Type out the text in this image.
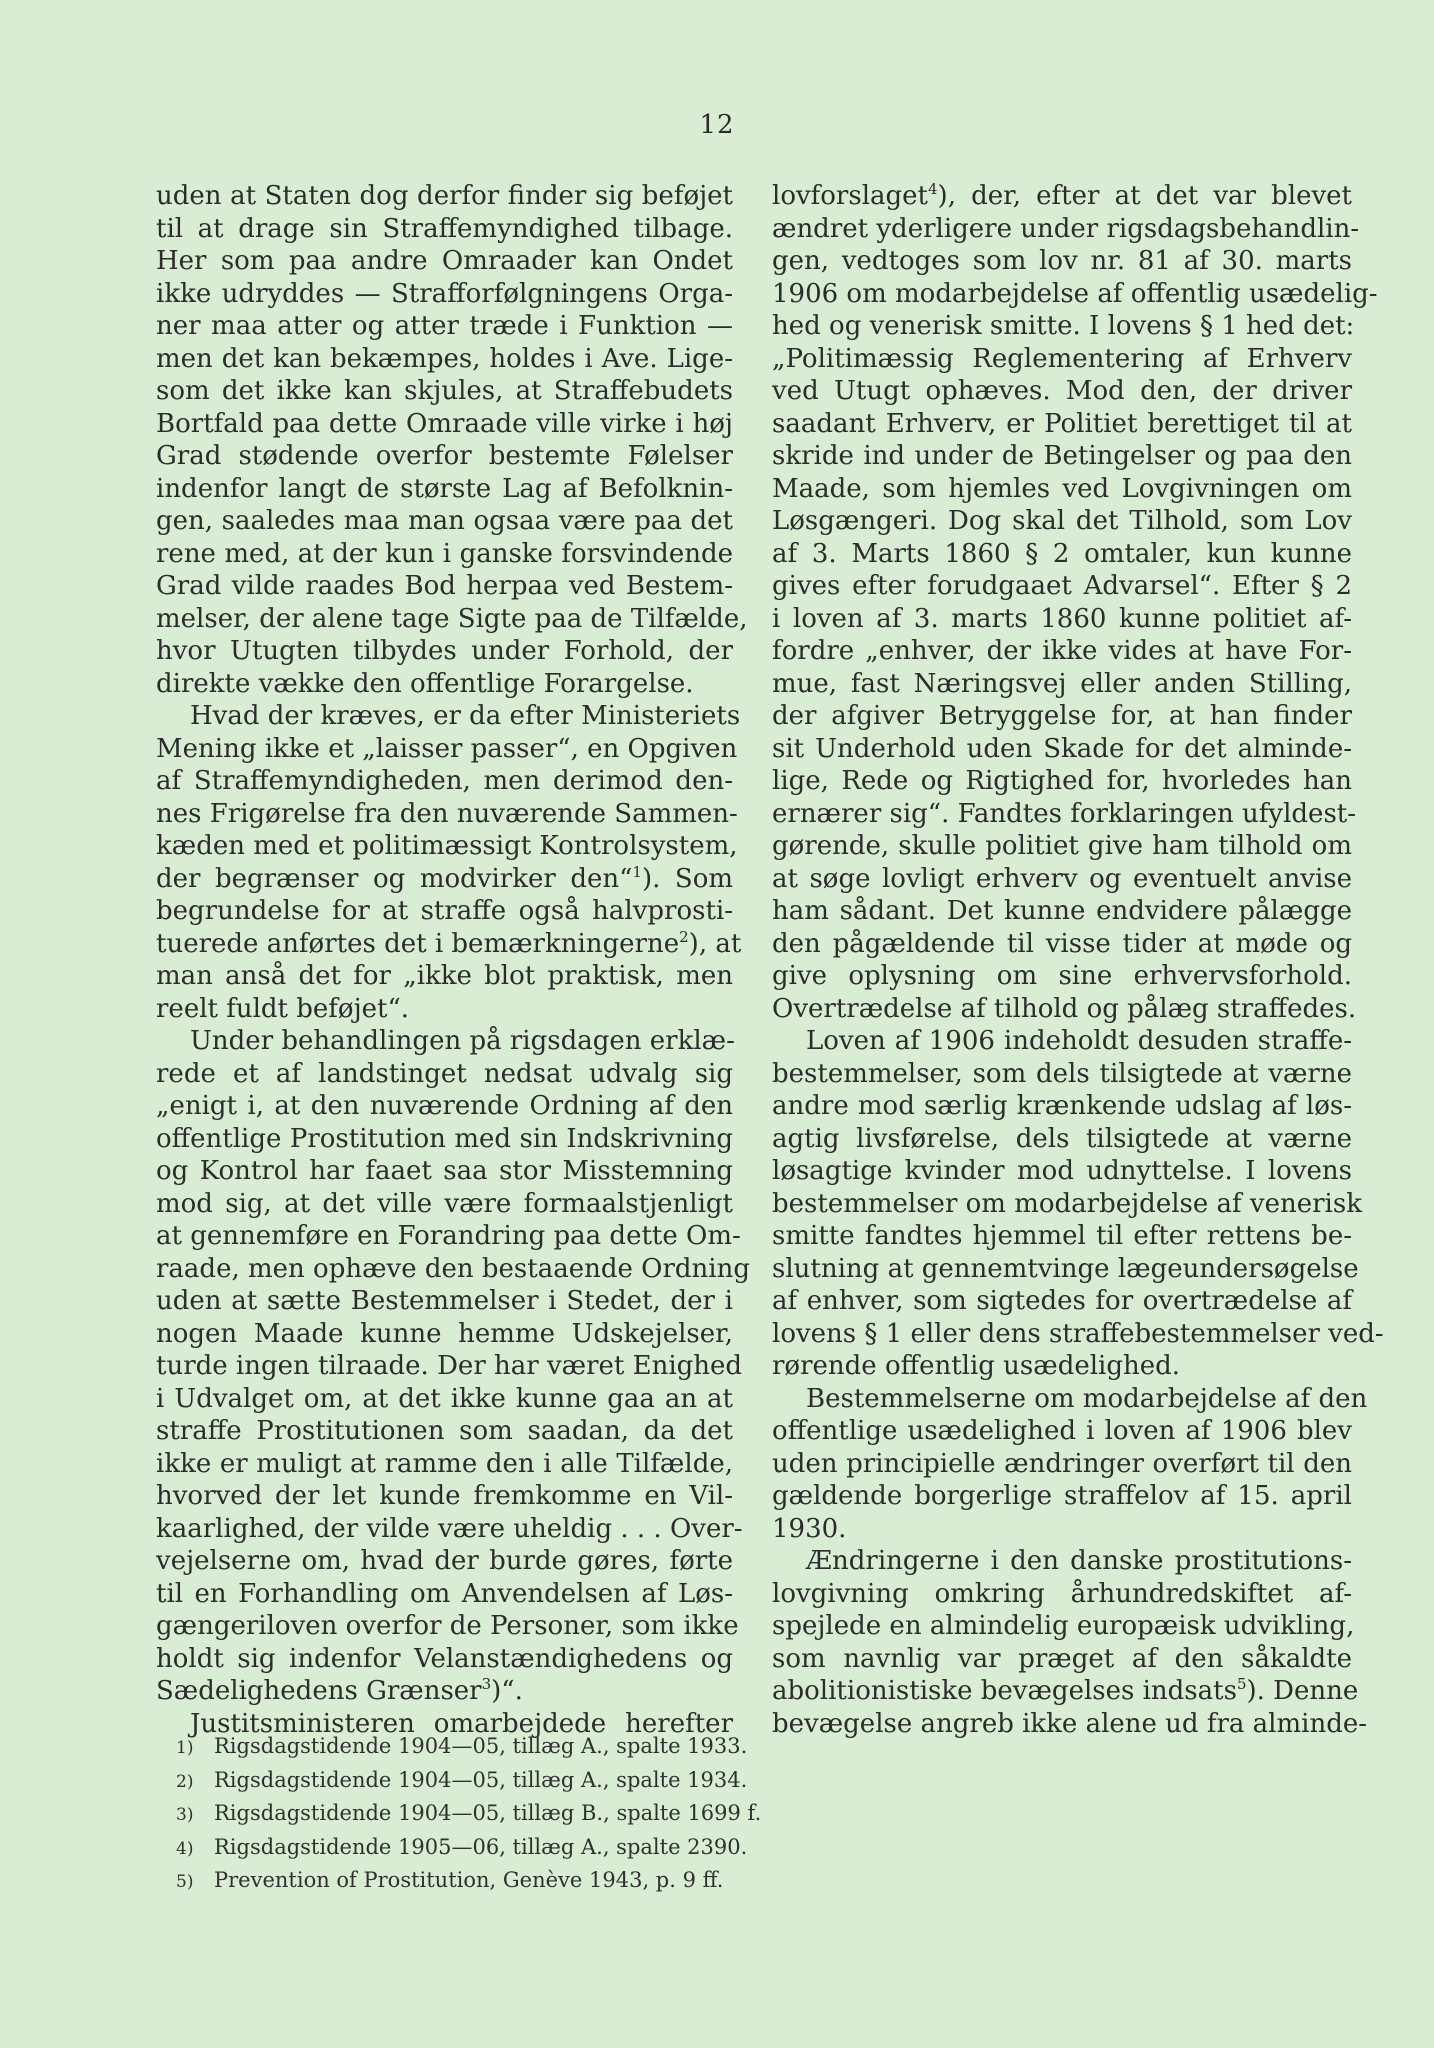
12
uden at Staten dog derfor finder sig beføjet
til at drage sin Straffemyndighed tilbage.
Her som paa andre Omraader kan Ondet
ikke udryddes — Strafforfølgningens Orga-
ner maa atter og atter træde i Funktion —
men det kan bekæmpes, holdes i Ave. Lige-
som det ikke kan skjules, at Straffebudets
Bortfald paa dette Omraade ville virke i høj
Grad stødende overfor bestemte Følelser
indenfor langt de største Lag af Befolknin-
gen, saaledes maa man ogsaa være paa det
rene med, at der kun i ganske forsvindende
Grad vilde raades Bod herpaa ved Bestem-
melser, der alene tage Sigte paa de Tilfælde,
hvor Utugten tilbydes under Forhold, der
direkte vække den offentlige Forargelse.
Hvad der kræves, er da efter Ministeriets
Mening ikke et „laisser passer“, en Opgiven
af Straffemyndigheden, men derimod den-
nes Frigørelse fra den nuværende Sammen-
kæden med et politimæssigt Kontrolsystem,
der begrænser og modvirker den“$^1$). Som
begrundelse for at straffe også halvprosti-
tuerede anførtes det i bemærkningerne$^2$), at
man anså det for „ikke blot praktisk, men
reelt fuldt beføjet“.
Under behandlingen på rigsdagen erklæ-
rede et af landstinget nedsat udvalg sig
„enigt i, at den nuværende Ordning af den
offentlige Prostitution med sin Indskrivning
og Kontrol har faaet saa stor Misstemning
mod sig, at det ville være formaalstjenligt
at gennemføre en Forandring paa dette Om-
raade, men ophæve den bestaaende Ordning
uden at sætte Bestemmelser i Stedet, der i
nogen Maade kunne hemme Udskejelser,
turde ingen tilraade. Der har været Enighed
i Udvalget om, at det ikke kunne gaa an at
straffe Prostitutionen som saadan, da det
ikke er muligt at ramme den i alle Tilfælde,
hvorved der let kunde fremkomme en Vil-
kaarlighed, der vilde være uheldig . . . Over-
vejelserne om, hvad der burde gøres, førte
til en Forhandling om Anvendelsen af Løs-
gængeriloven overfor de Personer, som ikke
holdt sig indenfor Velanstændighedens og
Sædelighedens Grænser$^3$)“.
Justitsministeren omarbejdede herefter
lovforslaget$^4$), der, efter at det var blevet
ændret yderligere under rigsdagsbehandlin-
gen, vedtoges som lov nr. 81 af 30. marts
1906 om modarbejdelse af offentlig usædelig-
hed og venerisk smitte. I lovens § 1 hed det:
„Politimæssig Reglementering af Erhverv
ved Utugt ophæves. Mod den, der driver
saadant Erhverv, er Politiet berettiget til at
skride ind under de Betingelser og paa den
Maade, som hjemles ved Lovgivningen om
Løsgængeri. Dog skal det Tilhold, som Lov
af 3. Marts 1860 § 2 omtaler, kun kunne
gives efter forudgaaet Advarsel“. Efter § 2
i loven af 3. marts 1860 kunne politiet af-
fordre „enhver, der ikke vides at have For-
mue, fast Næringsvej eller anden Stilling,
der afgiver Betryggelse for, at han finder
sit Underhold uden Skade for det alminde-
lige, Rede og Rigtighed for, hvorledes han
ernærer sig“. Fandtes forklaringen ufyldest-
gørende, skulle politiet give ham tilhold om
at søge lovligt erhverv og eventuelt anvise
ham sådant. Det kunne endvidere pålægge
den pågældende til visse tider at møde og
give oplysning om sine erhvervsforhold.
Overtrædelse af tilhold og pålæg straffedes.
Loven af 1906 indeholdt desuden straffe-
bestemmelser, som dels tilsigtede at værne
andre mod særlig krænkende udslag af løs-
agtig livsførelse, dels tilsigtede at værne
løsagtige kvinder mod udnyttelse. I lovens
bestemmelser om modarbejdelse af venerisk
smitte fandtes hjemmel til efter rettens be-
slutning at gennemtvinge lægeundersøgelse
af enhver, som sigtedes for overtrædelse af
lovens § 1 eller dens straffebestemmelser ved-
rørende offentlig usædelighed.
Bestemmelserne om modarbejdelse af den
offentlige usædelighed i loven af 1906 blev
uden principielle ændringer overført til den
gældende borgerlige straffelov af 15. april
1930.
Ændringerne i den danske prostitutions-
lovgivning omkring århundredskiftet af-
spejlede en almindelig europæisk udvikling,
som navnlig var præget af den såkaldte
abolitionistiske bevægelses indsats$^5$). Denne
bevægelse angreb ikke alene ud fra alminde-
1) Rigsdagstidende 1904—05, tillæg A., spalte 1933.
2) Rigsdagstidende 1904—05, tillæg A., spalte 1934.
3) Rigsdagstidende 1904—05, tillæg B., spalte 1699 f.
4) Rigsdagstidende 1905—06, tillæg A., spalte 2390.
5) Prevention of Prostitution, Genève 1943, p. 9 ff.
